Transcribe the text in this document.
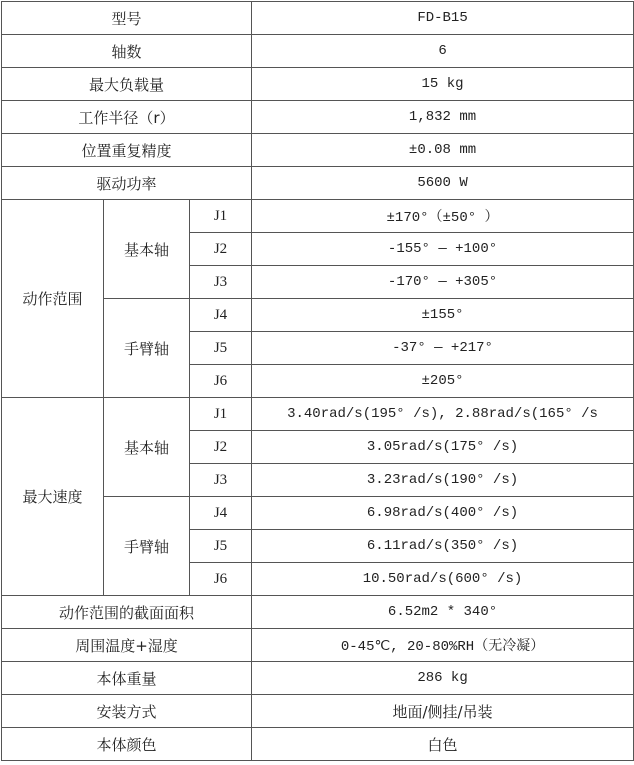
型号			FD-B15
轴数			6
最大负载量			15 kg
工作半径（r）			1,832 mm
位置重复精度			±0.08 mm
驱动功率			5600 W
动作范围	基本轴	J1	±170°（±50° ）
		J2	-155° — +100°
		J3	-170° — +305°
	手臂轴	J4	±155°
		J5	-37° — +217°
		J6	±205°
最大速度	基本轴	J1	3.40rad/s(195° /s), 2.88rad/s(165° /s
		J2	3.05rad/s(175° /s)
		J3	3.23rad/s(190° /s)
	手臂轴	J4	6.98rad/s(400° /s)
		J5	6.11rad/s(350° /s)
		J6	10.50rad/s(600° /s)
动作范围的截面面积			6.52m2 * 340°
周围温度+湿度			0-45℃, 20-80%RH（无冷凝）
本体重量			286 kg
安装方式			地面/侧挂/吊装
本体颜色			白色
